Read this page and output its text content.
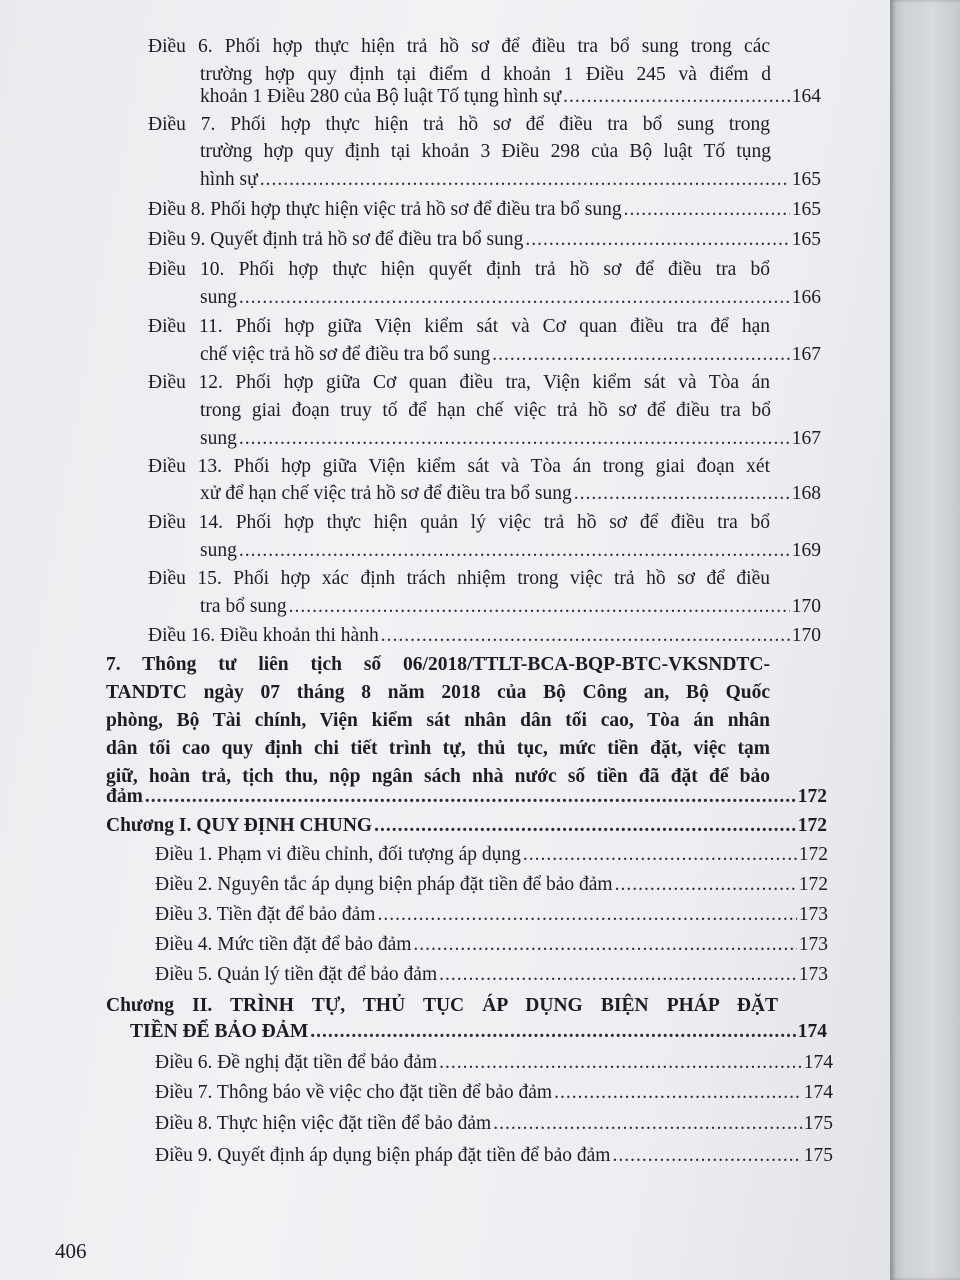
Điều 6. Phối hợp thực hiện trả hồ sơ để điều tra bổ sung trong các
trường hợp quy định tại điểm d khoản 1 Điều 245 và điểm d
khoản 1 Điều 280 của Bộ luật Tố tụng hình sự .....	164
Điều 7. Phối hợp thực hiện trả hồ sơ để điều tra bổ sung trong
trường hợp quy định tại khoản 3 Điều 298 của Bộ luật Tố tụng
hình sự .....	165
Điều 8. Phối hợp thực hiện việc trả hồ sơ để điều tra bổ sung .....	165
Điều 9. Quyết định trả hồ sơ để điều tra bổ sung .....	165
Điều 10. Phối hợp thực hiện quyết định trả hồ sơ để điều tra bổ
sung .....	166
Điều 11. Phối hợp giữa Viện kiểm sát và Cơ quan điều tra để hạn
chế việc trả hồ sơ để điều tra bổ sung .....	167
Điều 12. Phối hợp giữa Cơ quan điều tra, Viện kiểm sát và Tòa án
trong giai đoạn truy tố để hạn chế việc trả hồ sơ để điều tra bổ
sung .....	167
Điều 13. Phối hợp giữa Viện kiểm sát và Tòa án trong giai đoạn xét
xử để hạn chế việc trả hồ sơ để điều tra bổ sung .....	168
Điều 14. Phối hợp thực hiện quản lý việc trả hồ sơ để điều tra bổ
sung .....	169
Điều 15. Phối hợp xác định trách nhiệm trong việc trả hồ sơ để điều
tra bổ sung .....	170
Điều 16. Điều khoản thi hành .....	170
7. Thông tư liên tịch số 06/2018/TTLT-BCA-BQP-BTC-VKSNDTC-
TANDTC ngày 07 tháng 8 năm 2018 của Bộ Công an, Bộ Quốc
phòng, Bộ Tài chính, Viện kiểm sát nhân dân tối cao, Tòa án nhân
dân tối cao quy định chi tiết trình tự, thủ tục, mức tiền đặt, việc tạm
giữ, hoàn trả, tịch thu, nộp ngân sách nhà nước số tiền đã đặt để bảo
đảm .....	172
Chương I. QUY ĐỊNH CHUNG .....	172
Điều 1. Phạm vi điều chỉnh, đối tượng áp dụng .....	172
Điều 2. Nguyên tắc áp dụng biện pháp đặt tiền để bảo đảm .....	172
Điều 3. Tiền đặt để bảo đảm .....	173
Điều 4. Mức tiền đặt để bảo đảm .....	173
Điều 5. Quản lý tiền đặt để bảo đảm .....	173
Chương II. TRÌNH TỰ, THỦ TỤC ÁP DỤNG BIỆN PHÁP ĐẶT
TIỀN ĐỂ BẢO ĐẢM .....	174
Điều 6. Đề nghị đặt tiền để bảo đảm .....	174
Điều 7. Thông báo về việc cho đặt tiền để bảo đảm .....	174
Điều 8. Thực hiện việc đặt tiền để bảo đảm .....	175
Điều 9. Quyết định áp dụng biện pháp đặt tiền để bảo đảm .....	175
406
